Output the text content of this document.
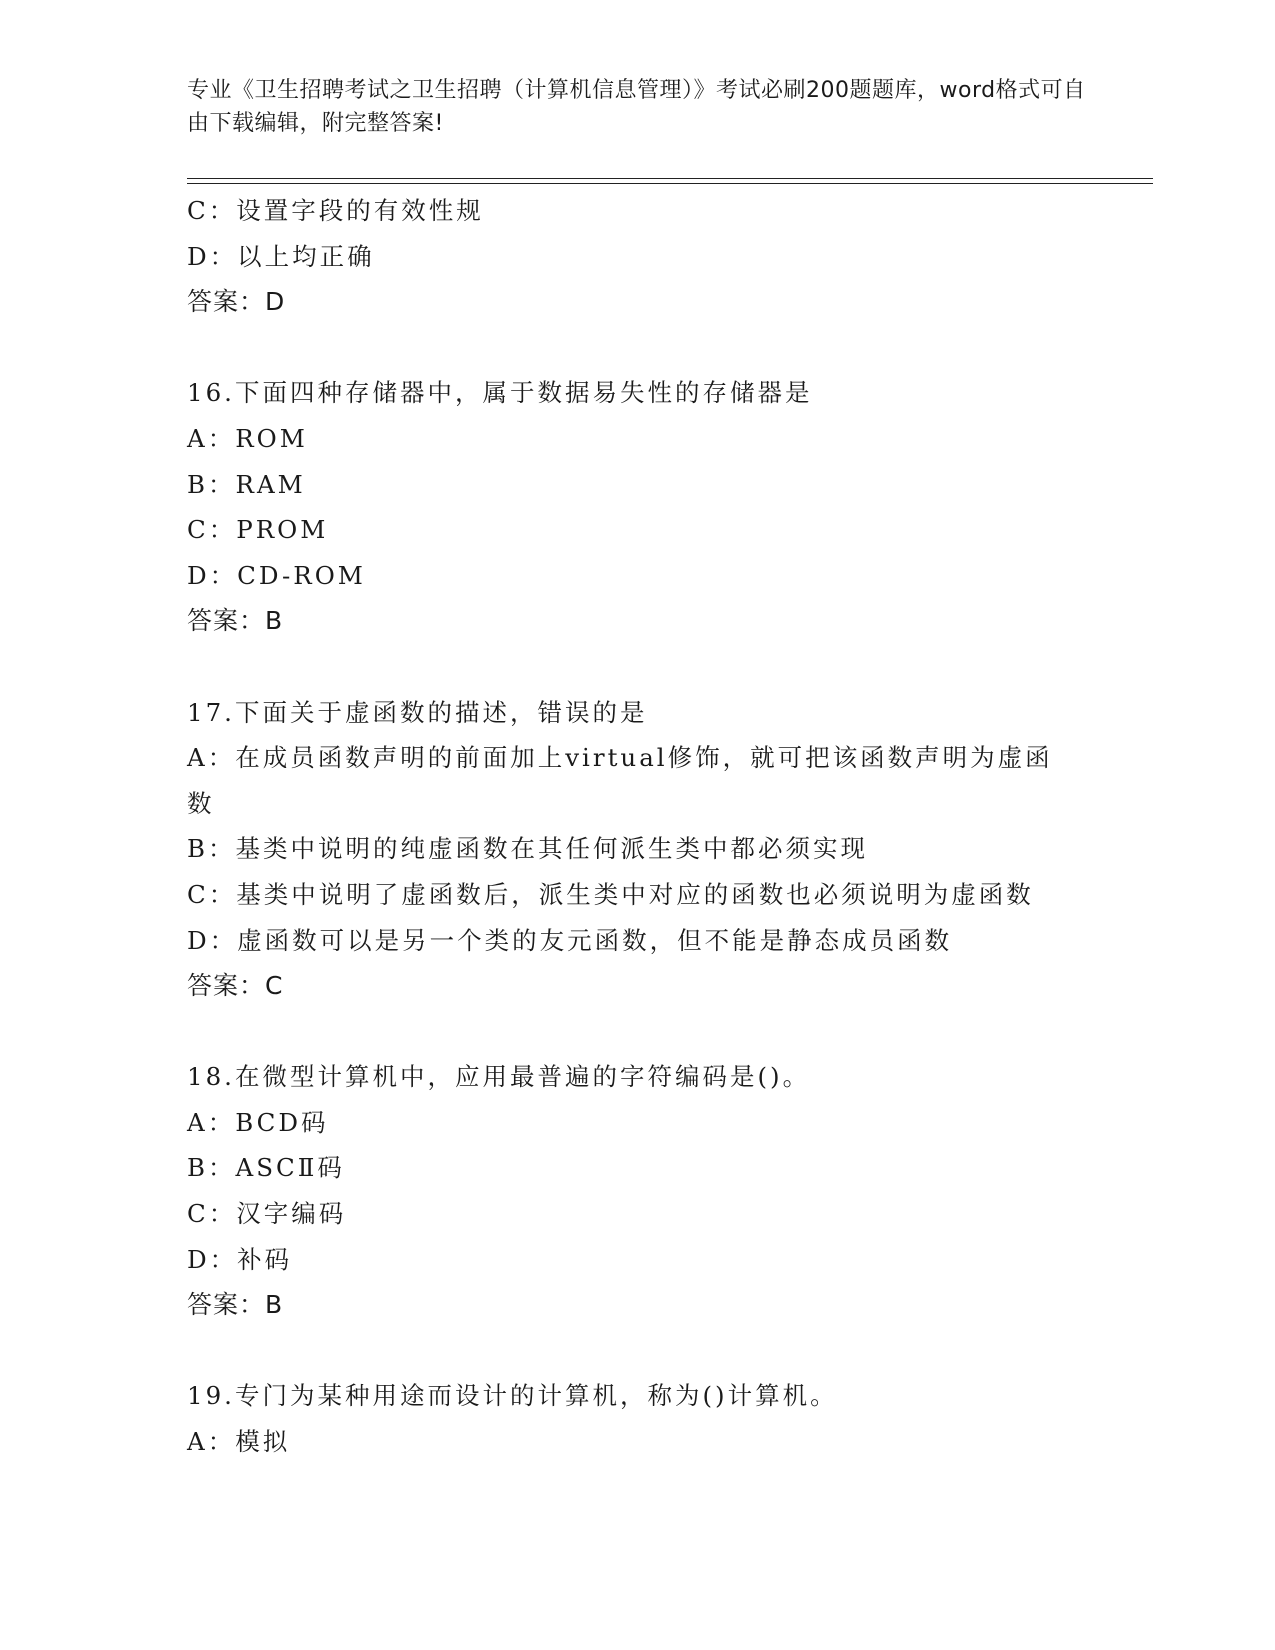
专业《卫生招聘考试之卫生招聘（计算机信息管理）》考试必刷200题题库，word格式可自由下载编辑，附完整答案!
C：设置字段的有效性规
D：以上均正确
答案：D
16.下面四种存储器中，属于数据易失性的存储器是
A：ROM
B：RAM
C：PROM
D：CD-ROM
答案：B
17.下面关于虚函数的描述，错误的是
A：在成员函数声明的前面加上virtual修饰，就可把该函数声明为虚函数
B：基类中说明的纯虚函数在其任何派生类中都必须实现
C：基类中说明了虚函数后，派生类中对应的函数也必须说明为虚函数
D：虚函数可以是另一个类的友元函数，但不能是静态成员函数
答案：C
18.在微型计算机中，应用最普遍的字符编码是()。
A：BCD码
B：ASCⅡ码
C：汉字编码
D：补码
答案：B
19.专门为某种用途而设计的计算机，称为()计算机。
A：模拟
